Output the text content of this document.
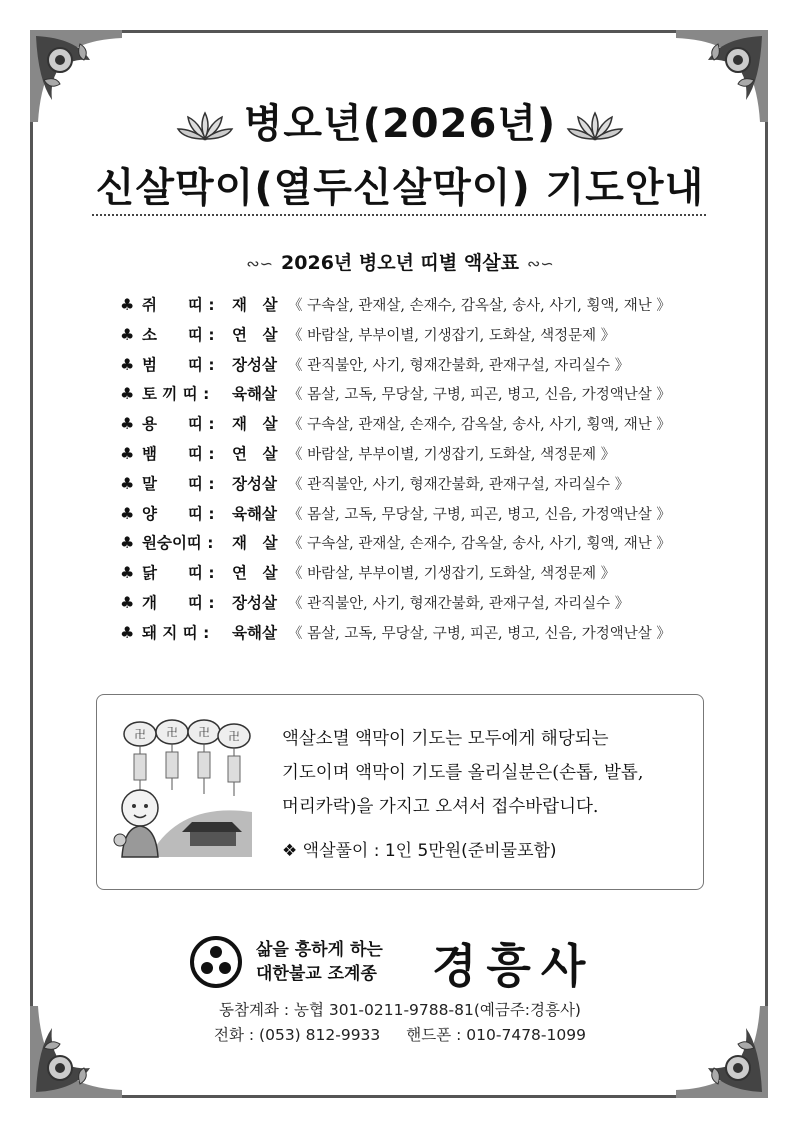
병오년(2026년)
신살막이(열두신살막이) 기도안내
∾∽ 2026년 병오년 띠별 액살표 ∾∽
♣ 쥐　　띠 : 재　살 《 구속살, 관재살, 손재수, 감옥살, 송사, 사기, 횡액, 재난 》
♣ 소　　띠 : 연　살 《 바람살, 부부이별, 기생잡기, 도화살, 색정문제 》
♣ 범　　띠 : 장성살 《 관직불안, 사기, 형재간불화, 관재구설, 자리실수 》
♣ 토 끼 띠 : 육해살 《 몸살, 고독, 무당살, 구병, 피곤, 병고, 신음, 가정액난살 》
♣ 용　　띠 : 재　살 《 구속살, 관재살, 손재수, 감옥살, 송사, 사기, 횡액, 재난 》
♣ 뱀　　띠 : 연　살 《 바람살, 부부이별, 기생잡기, 도화살, 색정문제 》
♣ 말　　띠 : 장성살 《 관직불안, 사기, 형재간불화, 관재구설, 자리실수 》
♣ 양　　띠 : 육해살 《 몸살, 고독, 무당살, 구병, 피곤, 병고, 신음, 가정액난살 》
♣ 원숭이띠 : 재　살 《 구속살, 관재살, 손재수, 감옥살, 송사, 사기, 횡액, 재난 》
♣ 닭　　띠 : 연　살 《 바람살, 부부이별, 기생잡기, 도화살, 색정문제 》
♣ 개　　띠 : 장성살 《 관직불안, 사기, 형재간불화, 관재구설, 자리실수 》
♣ 돼 지 띠 : 육해살 《 몸살, 고독, 무당살, 구병, 피곤, 병고, 신음, 가정액난살 》
卍 卍 卍 卍 액살소멸 액막이 기도는 모두에게 해당되는
기도이며 액막이 기도를 올리실분은(손톱, 발톱,
머리카락)을 가지고 오셔서 접수바랍니다.
❖ 액살풀이 : 1인 5만원(준비물포함)
삶을 흥하게 하는
대한불교 조계종 경흥사
동참계좌 : 농협 301-0211-9788-81(예금주:경흥사)
전화 : (053) 812-9933 핸드폰 : 010-7478-1099
